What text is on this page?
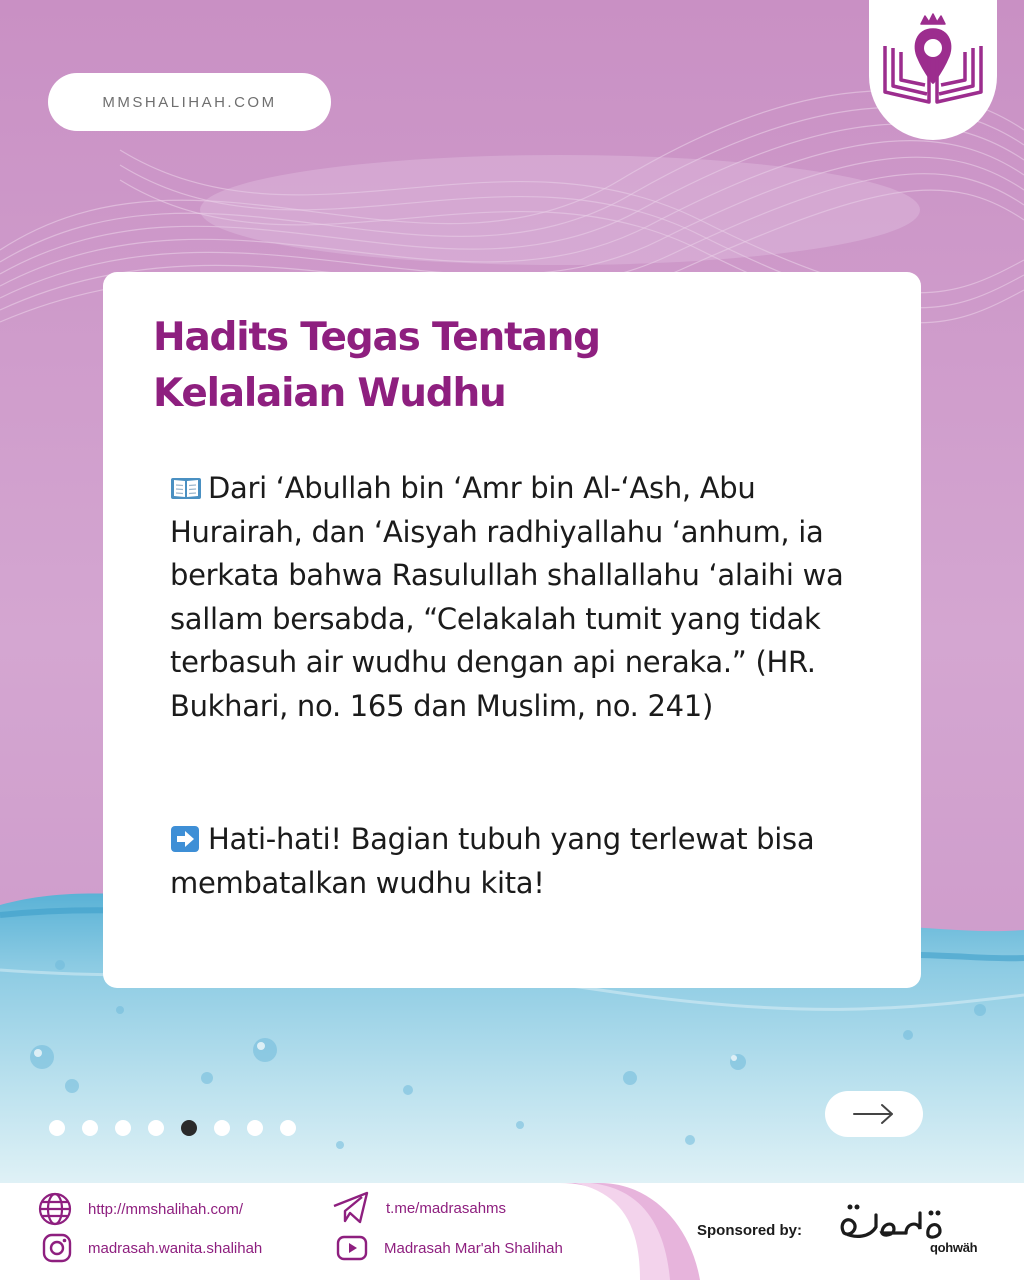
MMSHALIHAH.COM
Hadits Tegas Tentang
Kelalaian Wudhu
Dari ‘Abullah bin ‘Amr bin Al-‘Ash, Abu Hurairah, dan ‘Aisyah radhiyallahu ‘anhum, ia berkata bahwa Rasulullah shallallahu ‘alaihi wa sallam bersabda, “Celakalah tumit yang tidak terbasuh air wudhu dengan api neraka.” (HR. Bukhari, no. 165 dan Muslim, no. 241)
Hati-hati! Bagian tubuh yang terlewat bisa membatalkan wudhu kita!
http://mmshalihah.com/
madrasah.wanita.shalihah
t.me/madrasahms
Madrasah Mar'ah Shalihah
Sponsored by:
qohwäh
